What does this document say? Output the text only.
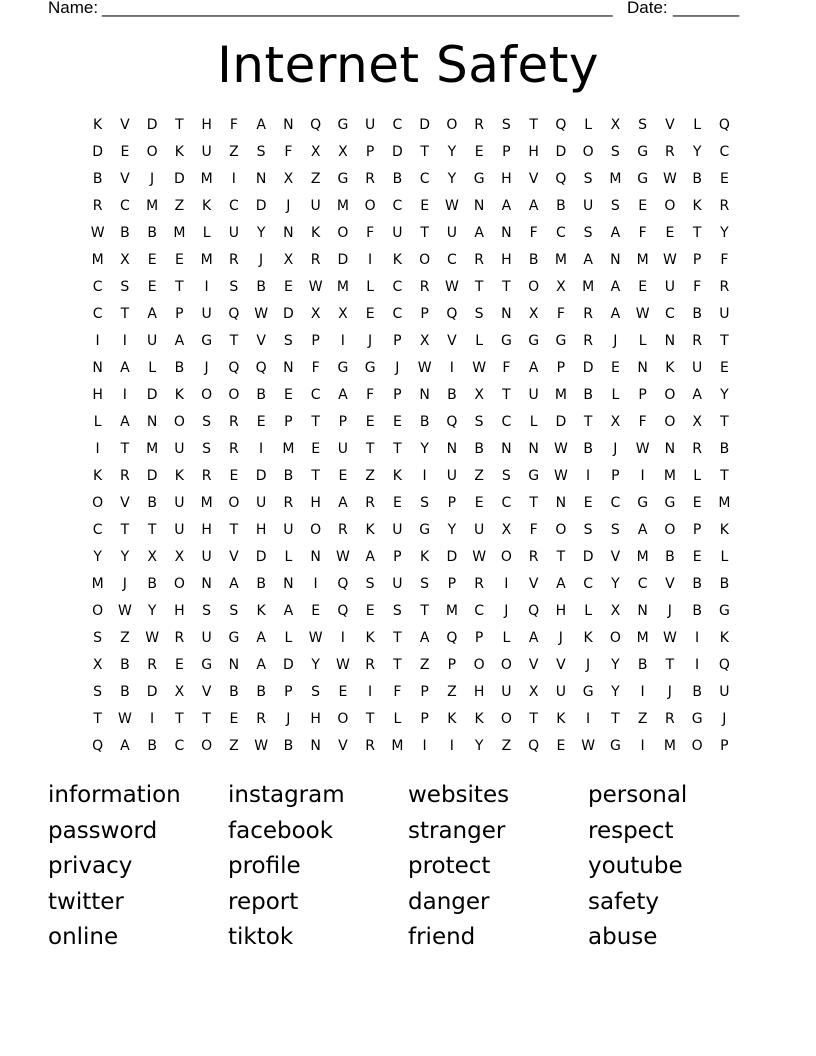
Name: ______________________________________________________ Date: _______
Internet Safety
K	V	D	T	H	F	A	N	Q	G	U	C	D	O	R	S	T	Q	L	X	S	V	L	Q
D	E	O	K	U	Z	S	F	X	X	P	D	T	Y	E	P	H	D	O	S	G	R	Y	C
B	V	J	D	M	I	N	X	Z	G	R	B	C	Y	G	H	V	Q	S	M	G	W	B	E
R	C	M	Z	K	C	D	J	U	M	O	C	E	W	N	A	A	B	U	S	E	O	K	R
W	B	B	M	L	U	Y	N	K	O	F	U	T	U	A	N	F	C	S	A	F	E	T	Y
M	X	E	E	M	R	J	X	R	D	I	K	O	C	R	H	B	M	A	N	M	W	P	F
C	S	E	T	I	S	B	E	W	M	L	C	R	W	T	T	O	X	M	A	E	U	F	R
C	T	A	P	U	Q	W	D	X	X	E	C	P	Q	S	N	X	F	R	A	W	C	B	U
I	I	U	A	G	T	V	S	P	I	J	P	X	V	L	G	G	G	R	J	L	N	R	T
N	A	L	B	J	Q	Q	N	F	G	G	J	W	I	W	F	A	P	D	E	N	K	U	E
H	I	D	K	O	O	B	E	C	A	F	P	N	B	X	T	U	M	B	L	P	O	A	Y
L	A	N	O	S	R	E	P	T	P	E	E	B	Q	S	C	L	D	T	X	F	O	X	T
I	T	M	U	S	R	I	M	E	U	T	T	Y	N	B	N	N	W	B	J	W	N	R	B
K	R	D	K	R	E	D	B	T	E	Z	K	I	U	Z	S	G	W	I	P	I	M	L	T
O	V	B	U	M	O	U	R	H	A	R	E	S	P	E	C	T	N	E	C	G	G	E	M
C	T	T	U	H	T	H	U	O	R	K	U	G	Y	U	X	F	O	S	S	A	O	P	K
Y	Y	X	X	U	V	D	L	N	W	A	P	K	D	W	O	R	T	D	V	M	B	E	L
M	J	B	O	N	A	B	N	I	Q	S	U	S	P	R	I	V	A	C	Y	C	V	B	B
O	W	Y	H	S	S	K	A	E	Q	E	S	T	M	C	J	Q	H	L	X	N	J	B	G
S	Z	W	R	U	G	A	L	W	I	K	T	A	Q	P	L	A	J	K	O	M	W	I	K
X	B	R	E	G	N	A	D	Y	W	R	T	Z	P	O	O	V	V	J	Y	B	T	I	Q
S	B	D	X	V	B	B	P	S	E	I	F	P	Z	H	U	X	U	G	Y	I	J	B	U
T	W	I	T	T	E	R	J	H	O	T	L	P	K	K	O	T	K	I	T	Z	R	G	J
Q	A	B	C	O	Z	W	B	N	V	R	M	I	I	Y	Z	Q	E	W	G	I	M	O	P
information	instagram	websites	personal
password	facebook	stranger	respect
privacy	profile	protect	youtube
twitter	report	danger	safety
online	tiktok	friend	abuse
